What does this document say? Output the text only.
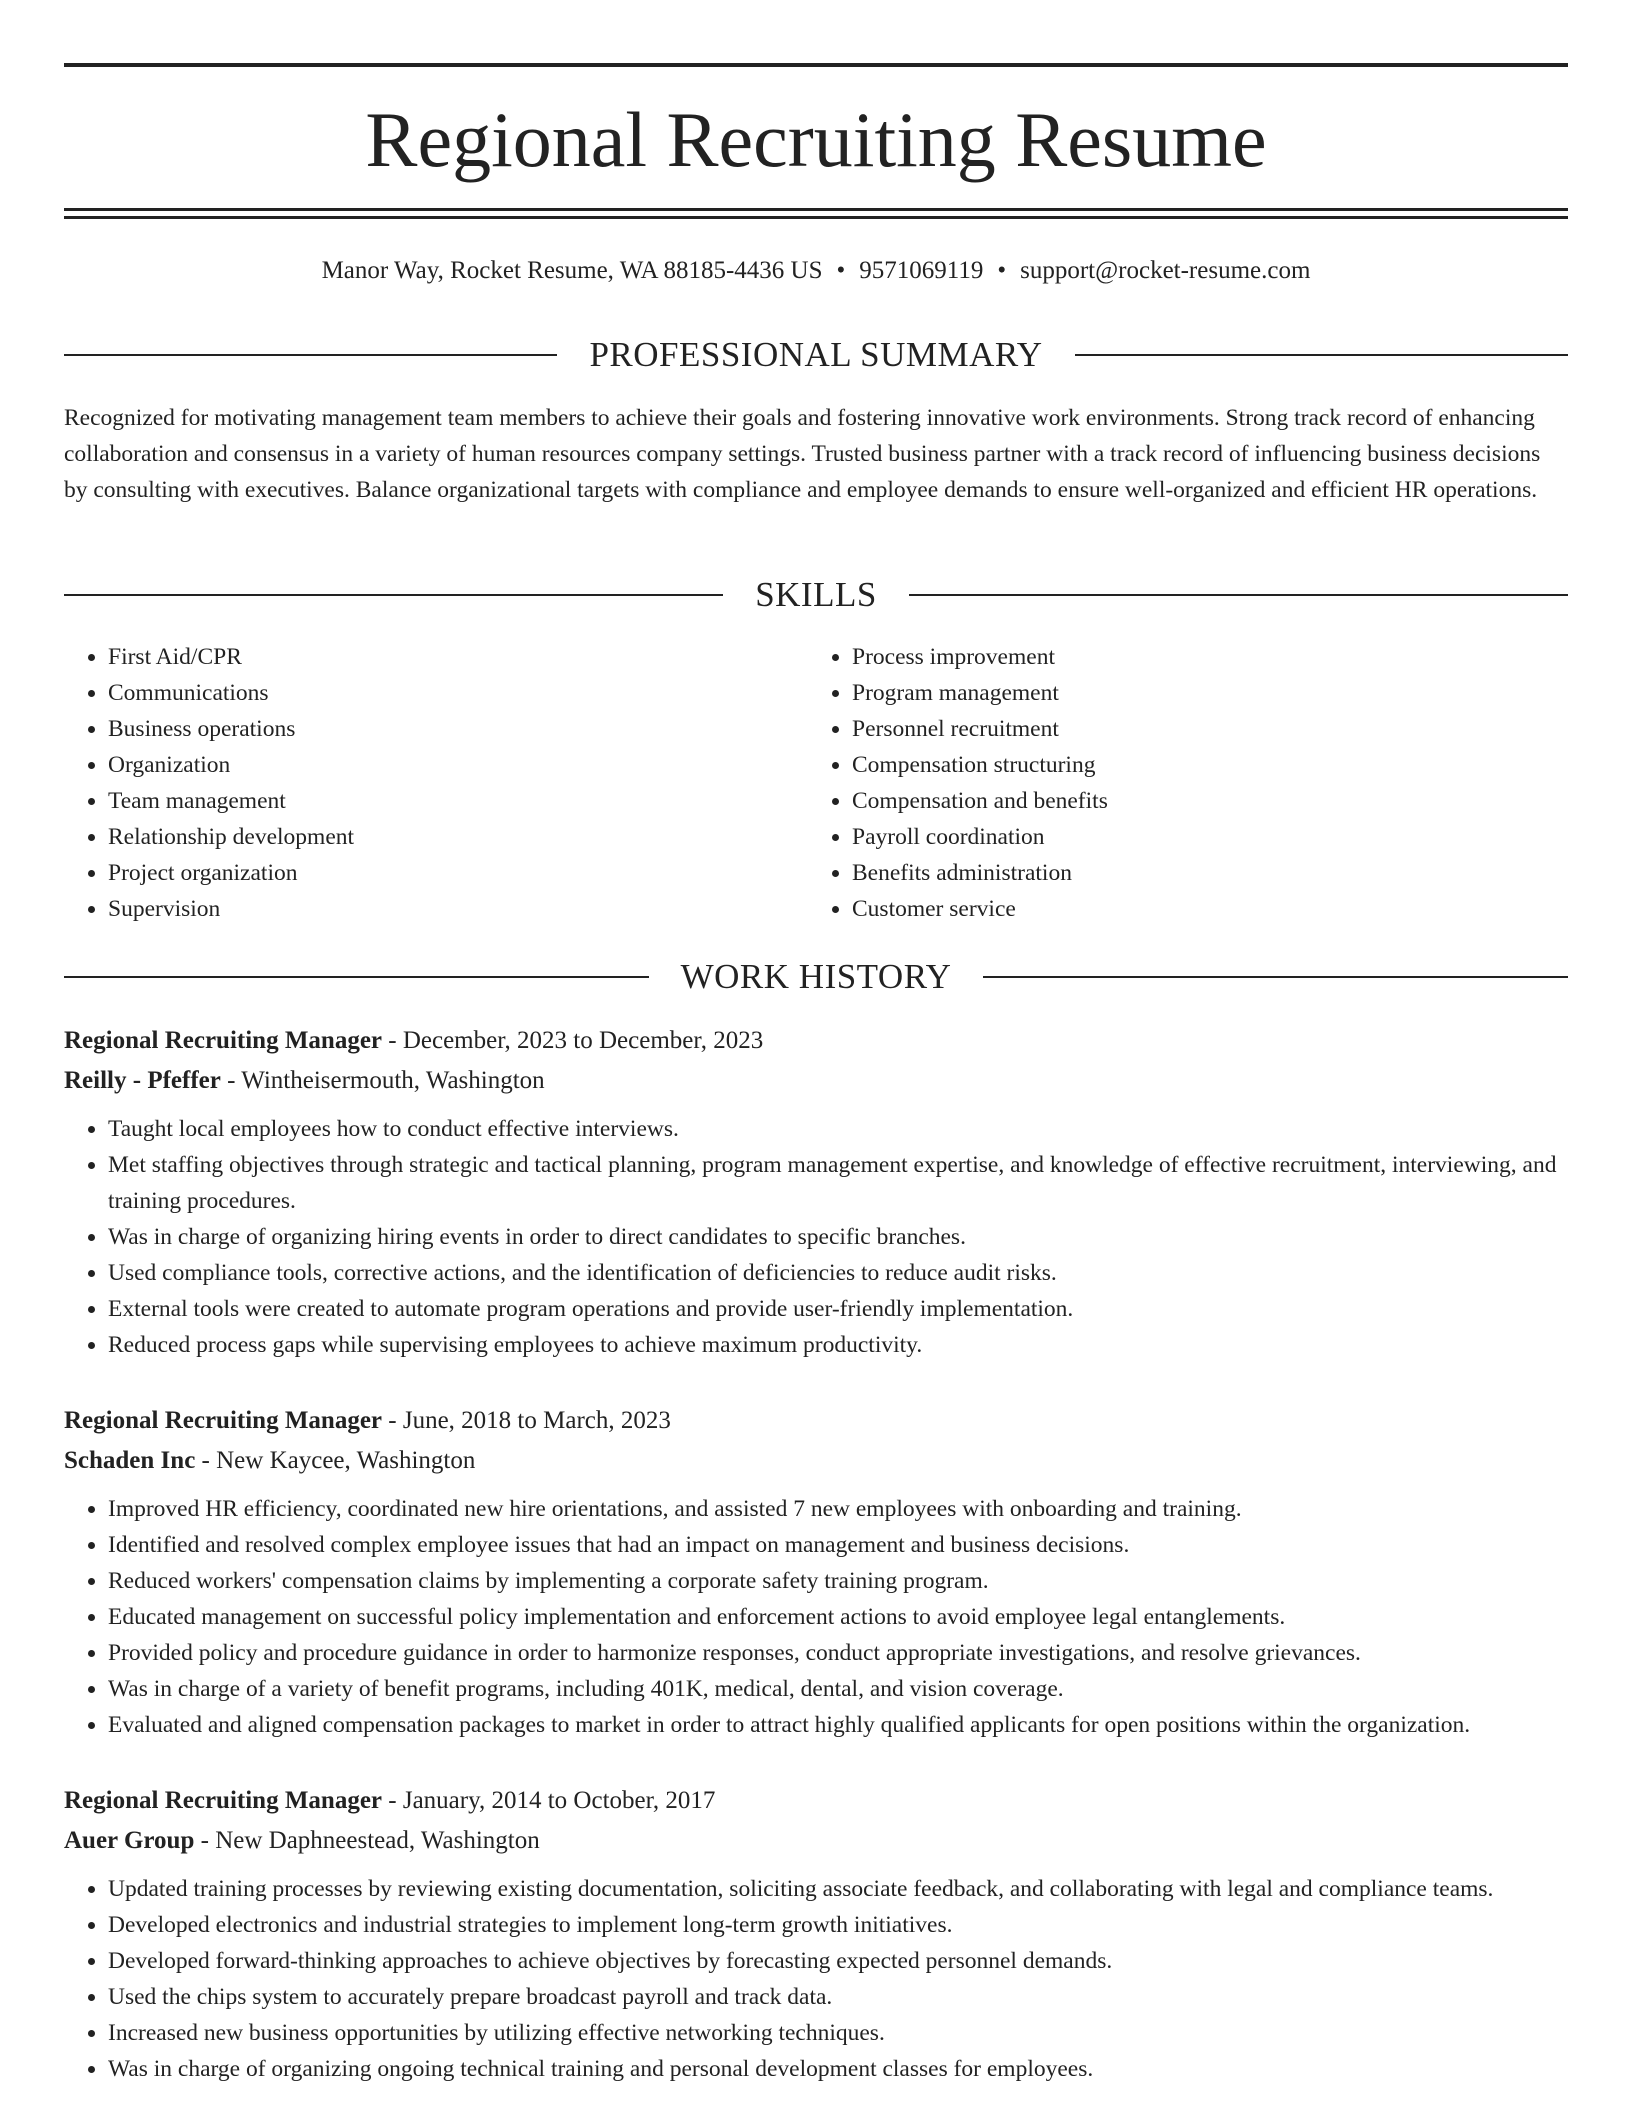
Regional Recruiting Resume
Manor Way, Rocket Resume, WA 88185-4436 US • 9571069119 • support@rocket-resume.com
PROFESSIONAL SUMMARY

Recognized for motivating management team members to achieve their goals and fostering innovative work environments. Strong track record of enhancing collaboration and consensus in a variety of human resources company settings. Trusted business partner with a track record of influencing business decisions by consulting with executives. Balance organizational targets with compliance and employee demands to ensure well-organized and efficient HR operations.

SKILLS
• First Aid/CPR
• Communications
• Business operations
• Organization
• Team management
• Relationship development
• Project organization
• Supervision
• Process improvement
• Program management
• Personnel recruitment
• Compensation structuring
• Compensation and benefits
• Payroll coordination
• Benefits administration
• Customer service
WORK HISTORY
Regional Recruiting Manager - December, 2023 to December, 2023
Reilly - Pfeffer - Wintheisermouth, Washington
• Taught local employees how to conduct effective interviews.
• Met staffing objectives through strategic and tactical planning, program management expertise, and knowledge of effective recruitment, interviewing, and training procedures.
• Was in charge of organizing hiring events in order to direct candidates to specific branches.
• Used compliance tools, corrective actions, and the identification of deficiencies to reduce audit risks.
• External tools were created to automate program operations and provide user-friendly implementation.
• Reduced process gaps while supervising employees to achieve maximum productivity.
Regional Recruiting Manager - June, 2018 to March, 2023
Schaden Inc - New Kaycee, Washington
• Improved HR efficiency, coordinated new hire orientations, and assisted 7 new employees with onboarding and training.
• Identified and resolved complex employee issues that had an impact on management and business decisions.
• Reduced workers' compensation claims by implementing a corporate safety training program.
• Educated management on successful policy implementation and enforcement actions to avoid employee legal entanglements.
• Provided policy and procedure guidance in order to harmonize responses, conduct appropriate investigations, and resolve grievances.
• Was in charge of a variety of benefit programs, including 401K, medical, dental, and vision coverage.
• Evaluated and aligned compensation packages to market in order to attract highly qualified applicants for open positions within the organization.
Regional Recruiting Manager - January, 2014 to October, 2017
Auer Group - New Daphneestead, Washington
• Updated training processes by reviewing existing documentation, soliciting associate feedback, and collaborating with legal and compliance teams.
• Developed electronics and industrial strategies to implement long-term growth initiatives.
• Developed forward-thinking approaches to achieve objectives by forecasting expected personnel demands.
• Used the chips system to accurately prepare broadcast payroll and track data.
• Increased new business opportunities by utilizing effective networking techniques.
• Was in charge of organizing ongoing technical training and personal development classes for employees.
